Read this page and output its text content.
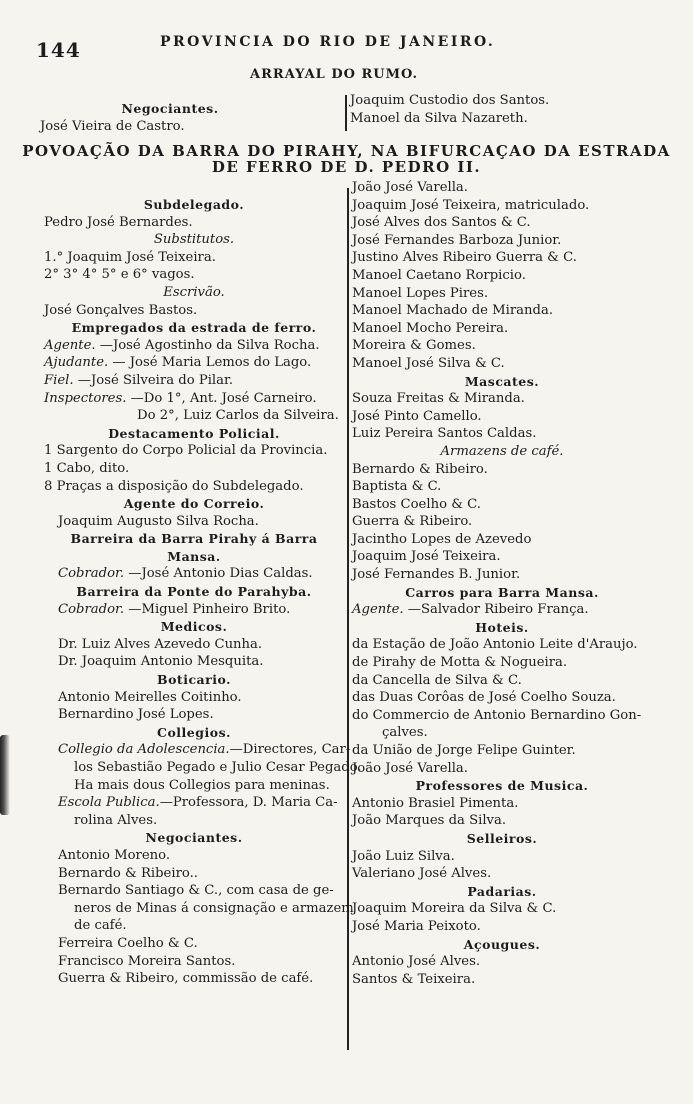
144	PROVINCIA DO RIO DE JANEIRO.
ARRAYAL DO RUMO.
Negociantes.
José Vieira de Castro.
Joaquim Custodio dos Santos.
Manoel da Silva Nazareth.
POVOAÇÃO DA BARRA DO PIRAHY, NA BIFURCAÇAO DA ESTRADA
DE FERRO DE D. PEDRO II.
Subdelegado.
Pedro José Bernardes.
Substitutos.
1.° Joaquim José Teixeira.
2° 3° 4° 5° e 6° vagos.
Escrivão.
José Gonçalves Bastos.
Empregados da estrada de ferro.
Agente. —José Agostinho da Silva Rocha.
Ajudante. — José Maria Lemos do Lago.
Fiel. —José Silveira do Pilar.
Inspectores. —Do 1°, Ant. José Carneiro.
Do 2°, Luiz Carlos da Silveira.
Destacamento Policial.
1 Sargento do Corpo Policial da Provincia.
1 Cabo, dito.
8 Praças a disposição do Subdelegado.
Agente do Correio.
Joaquim Augusto Silva Rocha.
Barreira da Barra Pirahy á Barra
Mansa.
Cobrador. —José Antonio Dias Caldas.
Barreira da Ponte do Parahyba.
Cobrador. —Miguel Pinheiro Brito.
Medicos.
Dr. Luiz Alves Azevedo Cunha.
Dr. Joaquim Antonio Mesquita.
Boticario.
Antonio Meirelles Coitinho.
Bernardino José Lopes.
Collegios.
Collegio da Adolescencia.—Directores, Car-
los Sebastião Pegado e Julio Cesar Pegado.
Ha mais dous Collegios para meninas.
Escola Publica.—Professora, D. Maria Ca-
rolina Alves.
Negociantes.
Antonio Moreno.
Bernardo & Ribeiro..
Bernardo Santiago & C., com casa de ge-
neros de Minas á consignação e armazem
de café.
Ferreira Coelho & C.
Francisco Moreira Santos.
Guerra & Ribeiro, commissão de café.
João José Varella.
Joaquim José Teixeira, matriculado.
José Alves dos Santos & C.
José Fernandes Barboza Junior.
Justino Alves Ribeiro Guerra & C.
Manoel Caetano Rorpicio.
Manoel Lopes Pires.
Manoel Machado de Miranda.
Manoel Mocho Pereira.
Moreira & Gomes.
Manoel José Silva & C.
Mascates.
Souza Freitas & Miranda.
José Pinto Camello.
Luiz Pereira Santos Caldas.
Armazens de café.
Bernardo & Ribeiro.
Baptista & C.
Bastos Coelho & C.
Guerra & Ribeiro.
Jacintho Lopes de Azevedo
Joaquim José Teixeira.
José Fernandes B. Junior.
Carros para Barra Mansa.
Agente. —Salvador Ribeiro França.
Hoteis.
da Estação de João Antonio Leite d'Araujo.
de Pirahy de Motta & Nogueira.
da Cancella de Silva & C.
das Duas Corôas de José Coelho Souza.
do Commercio de Antonio Bernardino Gon-
çalves.
da União de Jorge Felipe Guinter.
João José Varella.
Professores de Musica.
Antonio Brasiel Pimenta.
João Marques da Silva.
Selleiros.
João Luiz Silva.
Valeriano José Alves.
Padarias.
Joaquim Moreira da Silva & C.
José Maria Peixoto.
Açougues.
Antonio José Alves.
Santos & Teixeira.
